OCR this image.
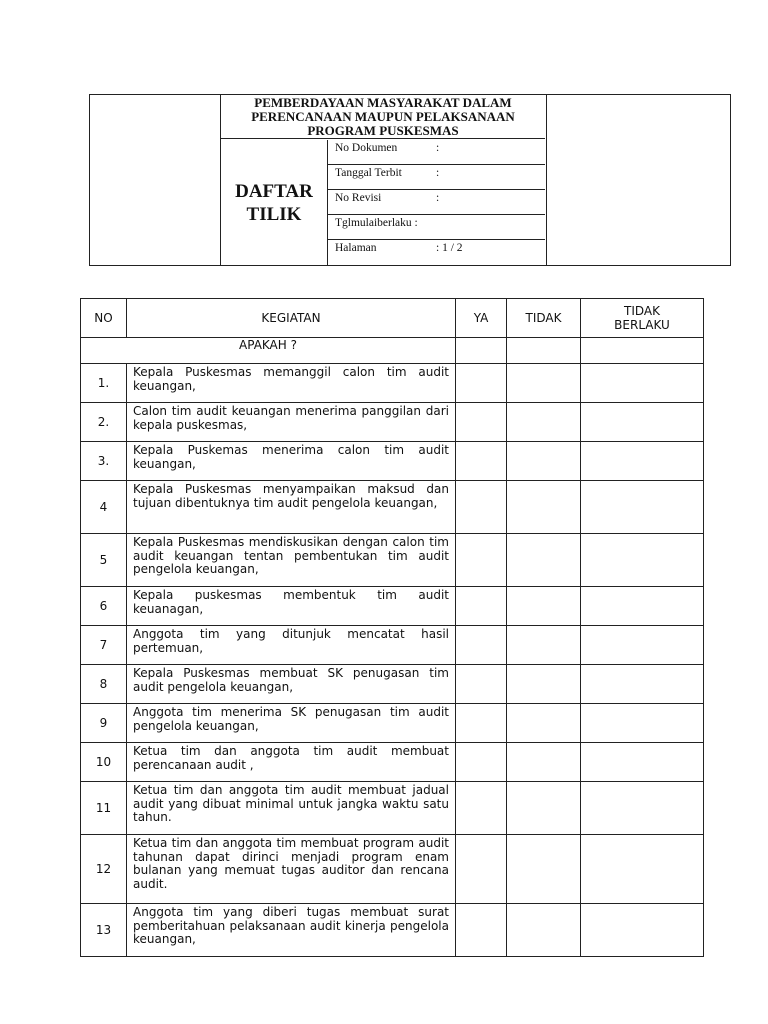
PEMBERDAYAAN MASYARAKAT DALAM
PERENCANAAN MAUPUN PELAKSANAAN
PROGRAM PUSKESMAS
DAFTAR
TILIK
No Dokumen	:
Tanggal Terbit	:
No Revisi	:
Tglmulaiberlaku :
Halaman	: 1 / 2
NO	KEGIATAN	YA	TIDAK	TIDAK
BERLAKU

APAKAH ?				
1.	Kepala Puskesmas memanggil calon tim audit keuangan,			
2.	Calon tim audit keuangan menerima panggilan dari kepala puskesmas,			
3.	Kepala Puskemas menerima calon tim audit keuangan,			
4	Kepala Puskesmas menyampaikan maksud dan tujuan dibentuknya tim audit pengelola keuangan,			
5	Kepala Puskesmas mendiskusikan dengan calon tim audit keuangan tentan pembentukan tim audit pengelola keuangan,			
6	Kepala puskesmas membentuk tim audit keuanagan,			
7	Anggota tim yang ditunjuk mencatat hasil pertemuan,			
8	Kepala Puskesmas membuat SK penugasan tim audit pengelola keuangan,			
9	Anggota tim menerima SK penugasan tim audit pengelola keuangan,			
10	Ketua tim dan anggota tim audit membuat perencanaan audit ,			
11	Ketua tim dan anggota tim audit membuat jadual audit yang dibuat minimal untuk jangka waktu satu tahun.			
12	Ketua tim dan anggota tim membuat program audit tahunan dapat dirinci menjadi program enam bulanan yang memuat tugas auditor dan rencana audit.			
13	Anggota tim yang diberi tugas membuat surat pemberitahuan pelaksanaan audit kinerja pengelola keuangan,			
